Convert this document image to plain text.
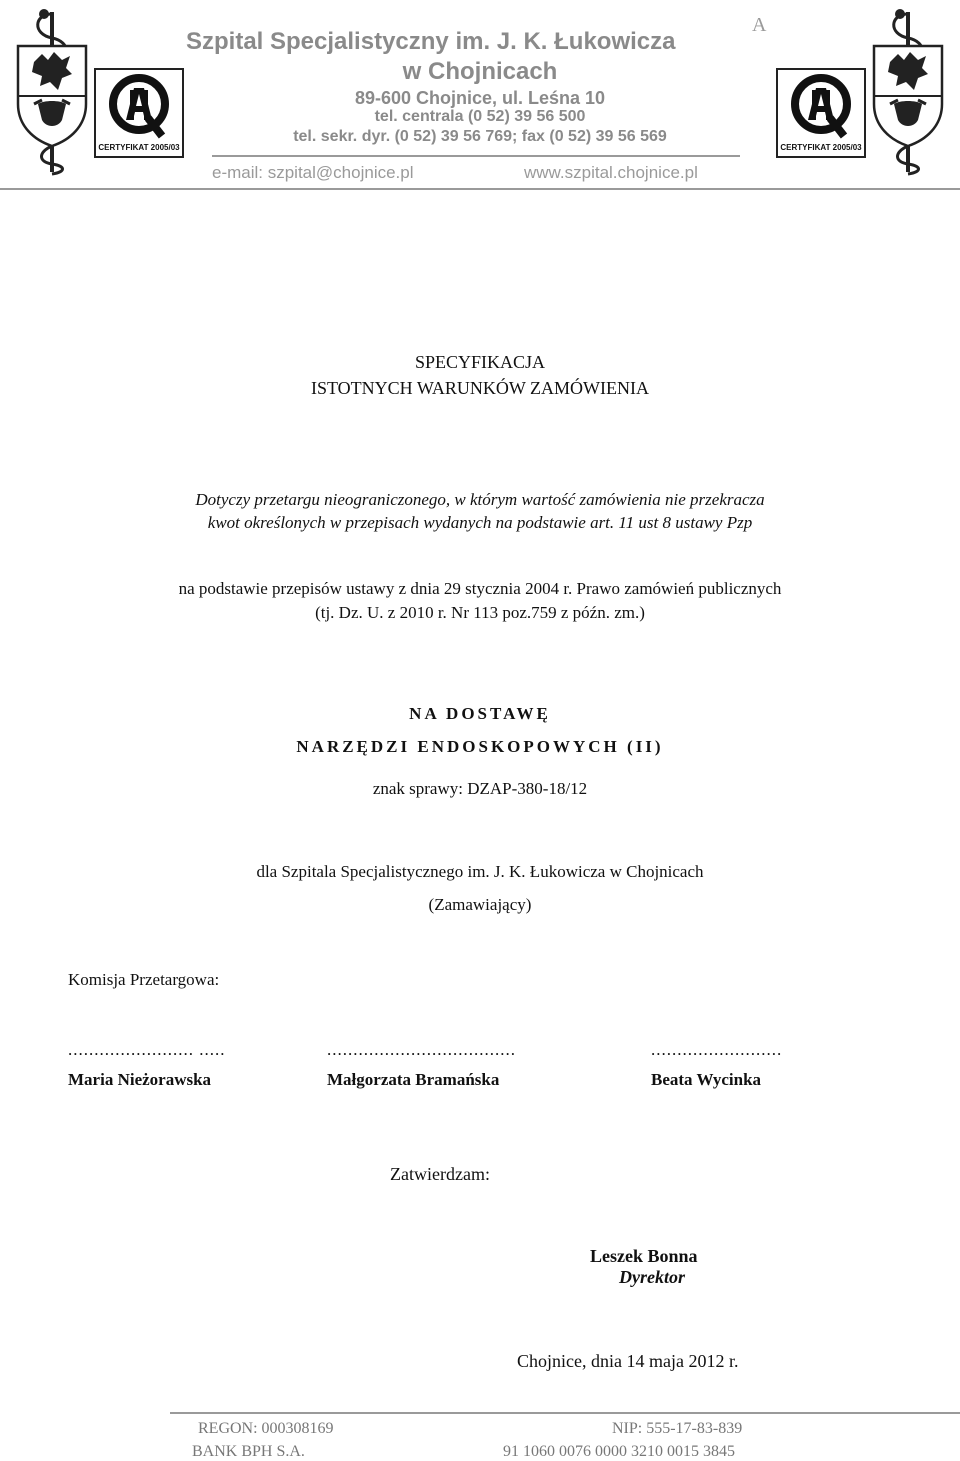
CERTYFIKAT 2005/03
Szpital Specjalistyczny im. J. K. Łukowicza
A
w Chojnicach
89-600 Chojnice, ul. Leśna 10
tel. centrala (0 52) 39 56 500
tel. sekr. dyr. (0 52) 39 56 769; fax (0 52) 39 56 569
e-mail: szpital@chojnice.pl	www.szpital.chojnice.pl
CERTYFIKAT 2005/03
SPECYFIKACJA
ISTOTNYCH WARUNKÓW ZAMÓWIENIA
Dotyczy przetargu nieograniczonego, w którym wartość zamówienia nie przekracza
kwot określonych w przepisach wydanych na podstawie art. 11 ust 8 ustawy Pzp
na podstawie przepisów ustawy z dnia 29 stycznia 2004 r. Prawo zamówień publicznych
(tj. Dz. U. z 2010 r. Nr 113 poz.759 z późn. zm.)
NA DOSTAWĘ
NARZĘDZI ENDOSKOPOWYCH (II)
znak sprawy: DZAP-380-18/12
dla Szpitala Specjalistycznego im. J. K. Łukowicza w Chojnicach
(Zamawiający)
Komisja Przetargowa:
........................ .....	....................................	.........................
Maria Nieżorawska	Małgorzata Bramańska	Beata Wycinka
Zatwierdzam:
Leszek Bonna
Dyrektor
Chojnice, dnia 14 maja 2012 r.
REGON: 000308169	NIP: 555-17-83-839
BANK BPH S.A.	91 1060 0076 0000 3210 0015 3845
